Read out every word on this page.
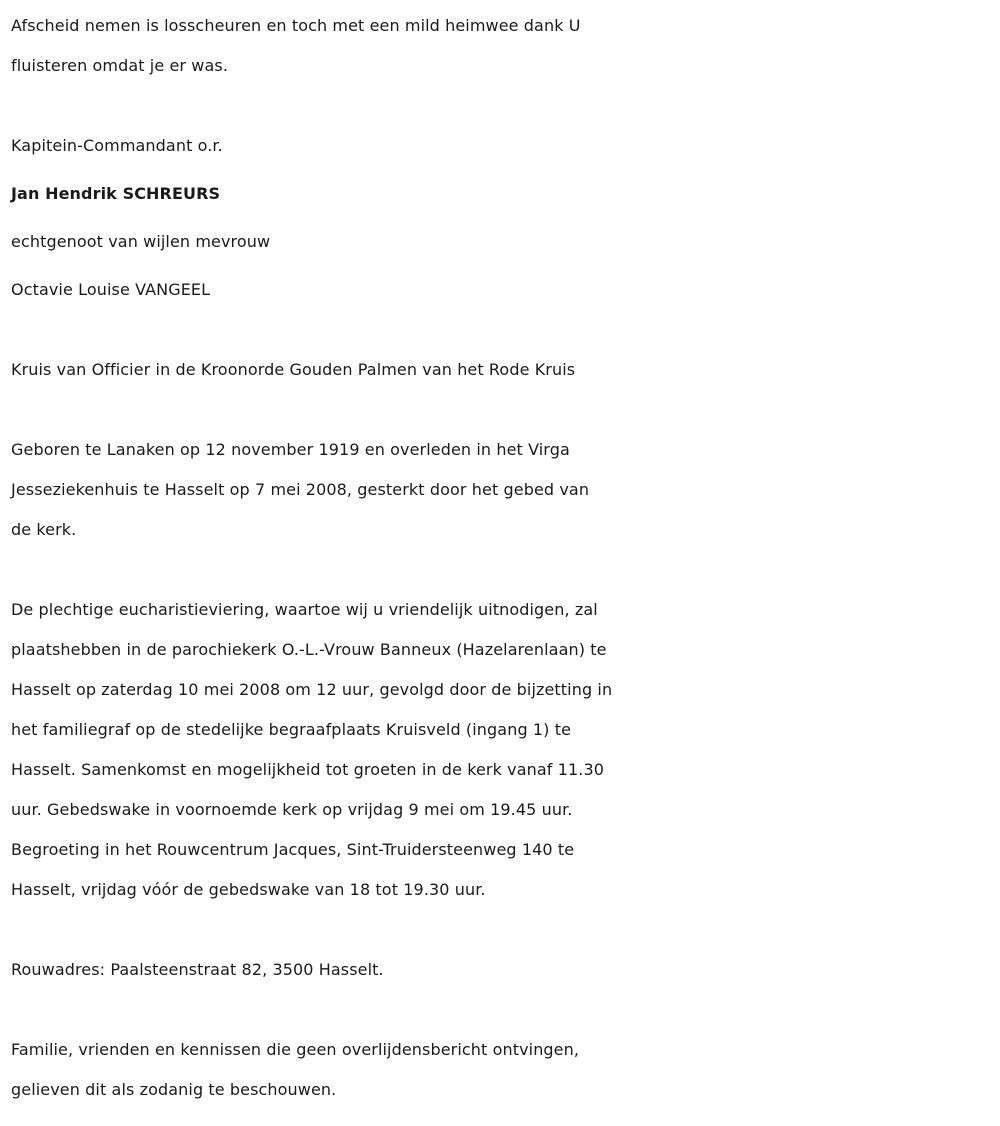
Afscheid nemen is losscheuren en toch met een mild heimwee dank U
fluisteren omdat je er was.
Kapitein-Commandant o.r.
Jan Hendrik SCHREURS
echtgenoot van wijlen mevrouw
Octavie Louise VANGEEL
Kruis van Officier in de Kroonorde Gouden Palmen van het Rode Kruis
Geboren te Lanaken op 12 november 1919 en overleden in het Virga
Jesseziekenhuis te Hasselt op 7 mei 2008, gesterkt door het gebed van
de kerk.
De plechtige eucharistieviering, waartoe wij u vriendelijk uitnodigen, zal
plaatshebben in de parochiekerk O.-L.-Vrouw Banneux (Hazelarenlaan) te
Hasselt op zaterdag 10 mei 2008 om 12 uur, gevolgd door de bijzetting in
het familiegraf op de stedelijke begraafplaats Kruisveld (ingang 1) te
Hasselt. Samenkomst en mogelijkheid tot groeten in de kerk vanaf 11.30
uur. Gebedswake in voornoemde kerk op vrijdag 9 mei om 19.45 uur.
Begroeting in het Rouwcentrum Jacques, Sint-Truidersteenweg 140 te
Hasselt, vrijdag vóór de gebedswake van 18 tot 19.30 uur.
Rouwadres: Paalsteenstraat 82, 3500 Hasselt.
Familie, vrienden en kennissen die geen overlijdensbericht ontvingen,
gelieven dit als zodanig te beschouwen.
